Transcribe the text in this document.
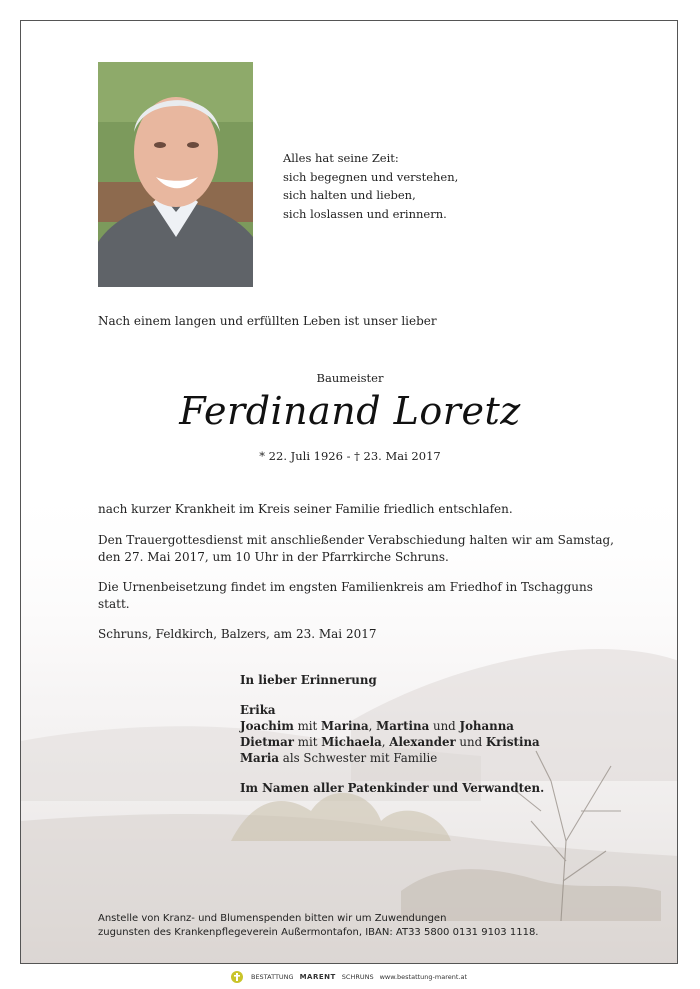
Alles hat seine Zeit:
sich begegnen und verstehen,
sich halten und lieben,
sich loslassen und erinnern.
Nach einem langen und erfüllten Leben ist unser lieber
Baumeister
Ferdinand Loretz
* 22. Juli 1926 - † 23. Mai 2017
nach kurzer Krankheit im Kreis seiner Familie friedlich entschlafen.
Den Trauergottesdienst mit anschließender Verabschiedung halten wir am Samstag, den 27. Mai 2017, um 10 Uhr in der Pfarrkirche Schruns.
Die Urnenbeisetzung findet im engsten Familienkreis am Friedhof in Tschagguns statt.
Schruns, Feldkirch, Balzers, am 23. Mai 2017
In lieber Erinnerung
Erika
Joachim mit Marina, Martina und Johanna
Dietmar mit Michaela, Alexander und Kristina
Maria als Schwester mit Familie
Im Namen aller Patenkinder und Verwandten.
Anstelle von Kranz- und Blumenspenden bitten wir um Zuwendungen
zugunsten des Krankenpflegeverein Außermontafon, IBAN: AT33 5800 0131 9103 1118.
BESTATTUNG MARENT SCHRUNS www.bestattung-marent.at
